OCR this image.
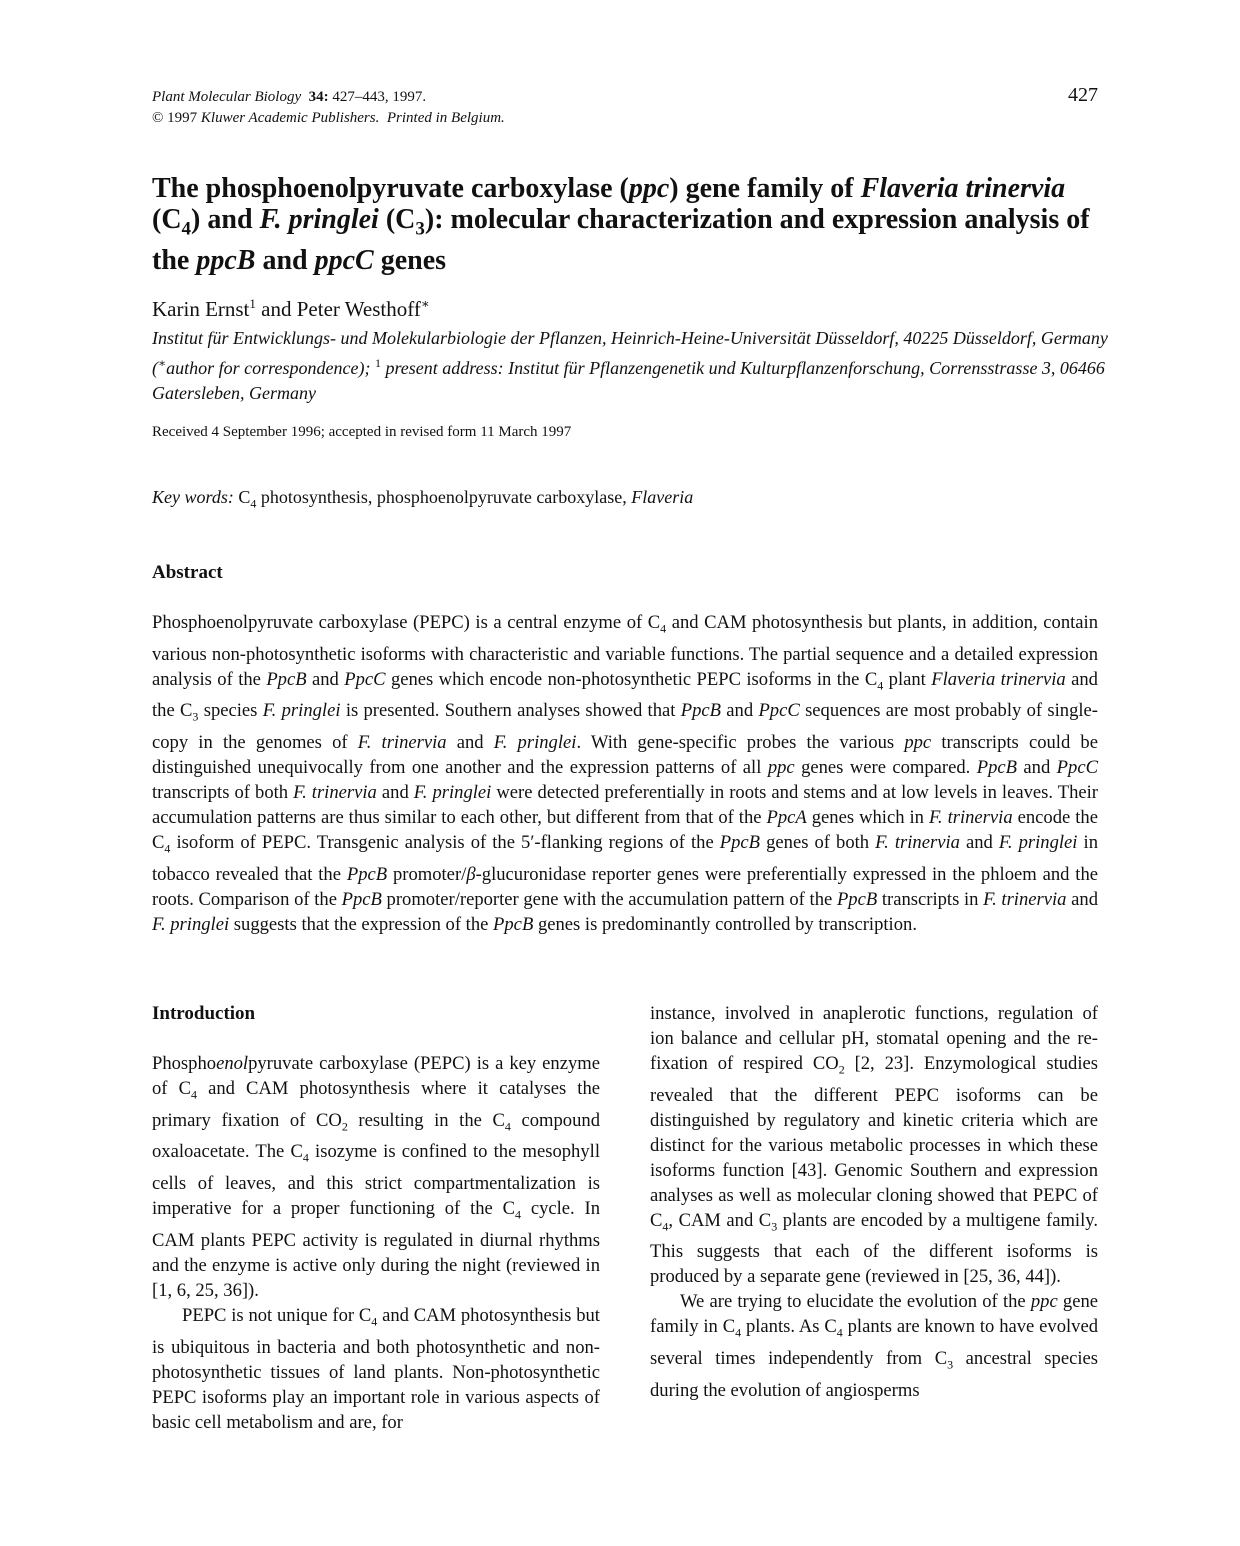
Plant Molecular Biology 34: 427–443, 1997.
© 1997 Kluwer Academic Publishers. Printed in Belgium.
427
The phosphoenolpyruvate carboxylase (ppc) gene family of Flaveria trinervia
$(C_4)$ and F. pringlei $(C_3)$: molecular characterization and expression analysis of the ppcB and ppcC genes
Karin Ernst$^1$ and Peter Westhoff∗
Institut für Entwicklungs- und Molekularbiologie der Pflanzen, Heinrich-Heine-Universität Düsseldorf, 40225 Düsseldorf, Germany (∗author for correspondence); $^1$ present address: Institut für Pflanzengenetik und Kulturpflanzenforschung, Corrensstrasse 3, 06466 Gatersleben, Germany
Received 4 September 1996; accepted in revised form 11 March 1997
Key words: $C_4$ photosynthesis, phosphoenolpyruvate carboxylase, Flaveria
Abstract

Phosphoenolpyruvate carboxylase (PEPC) is a central enzyme of $C_4$ and CAM photosynthesis but plants, in addition, contain various non-photosynthetic isoforms with characteristic and variable functions. The partial sequence and a detailed expression analysis of the PpcB and PpcC genes which encode non-photosynthetic PEPC isoforms in the $C_4$ plant Flaveria trinervia and the $C_3$ species F. pringlei is presented. Southern analyses showed that PpcB and PpcC sequences are most probably of single-copy in the genomes of F. trinervia and F. pringlei. With gene-specific probes the various ppc transcripts could be distinguished unequivocally from one another and the expression patterns of all ppc genes were compared. PpcB and PpcC transcripts of both F. trinervia and F. pringlei were detected preferentially in roots and stems and at low levels in leaves. Their accumulation patterns are thus similar to each other, but different from that of the PpcA genes which in F. trinervia encode the $C_4$ isoform of PEPC. Transgenic analysis of the 5′-flanking regions of the PpcB genes of both F. trinervia and F. pringlei in tobacco revealed that the PpcB promoter/β-glucuronidase reporter genes were preferentially expressed in the phloem and the roots. Comparison of the PpcB promoter/reporter gene with the accumulation pattern of the PpcB transcripts in F. trinervia and F. pringlei suggests that the expression of the PpcB genes is predominantly controlled by transcription.

Introduction

Phosphoenolpyruvate carboxylase (PEPC) is a key enzyme of $C_4$ and CAM photosynthesis where it catalyses the primary fixation of $CO_2$ resulting in the $C_4$ compound oxaloacetate. The $C_4$ isozyme is confined to the mesophyll cells of leaves, and this strict compartmentalization is imperative for a proper functioning of the $C_4$ cycle. In CAM plants PEPC activity is regulated in diurnal rhythms and the enzyme is active only during the night (reviewed in [1, 6, 25, 36]).

PEPC is not unique for $C_4$ and CAM photosynthesis but is ubiquitous in bacteria and both photosynthetic and non-photosynthetic tissues of land plants. Non-photosynthetic PEPC isoforms play an important role in various aspects of basic cell metabolism and are, for

instance, involved in anaplerotic functions, regulation of ion balance and cellular pH, stomatal opening and the re-fixation of respired $CO_2$ [2, 23]. Enzymological studies revealed that the different PEPC isoforms can be distinguished by regulatory and kinetic criteria which are distinct for the various metabolic processes in which these isoforms function [43]. Genomic Southern and expression analyses as well as molecular cloning showed that PEPC of $C_4$, CAM and $C_3$ plants are encoded by a multigene family. This suggests that each of the different isoforms is produced by a separate gene (reviewed in [25, 36, 44]).

We are trying to elucidate the evolution of the ppc gene family in $C_4$ plants. As $C_4$ plants are known to have evolved several times independently from $C_3$ ancestral species during the evolution of angiosperms
